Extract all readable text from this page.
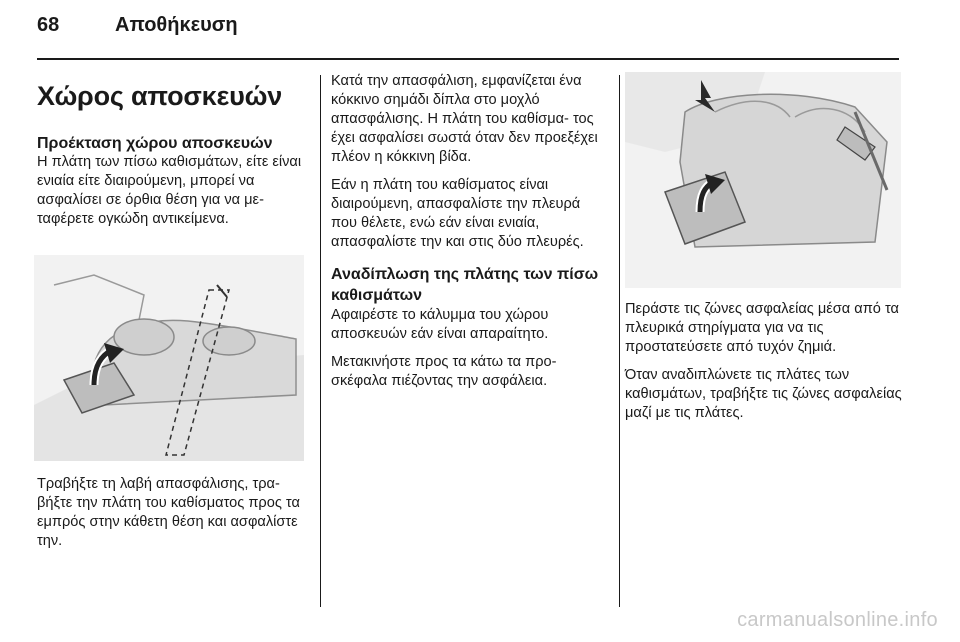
68	Αποθήκευση
Χώρος αποσκευών
Προέκταση χώρου αποσκευών

Η πλάτη των πίσω καθισμάτων, είτε είναι ενιαία είτε διαιρούμενη, μπορεί να ασφαλίσει σε όρθια θέση για να με- ταφέρετε ογκώδη αντικείμενα.

Τραβήξτε τη λαβή απασφάλισης, τρα- βήξτε την πλάτη του καθίσματος προς τα εμπρός στην κάθετη θέση και ασφαλίστε την.

Κατά την απασφάλιση, εμφανίζεται ένα κόκκινο σημάδι δίπλα στο μοχλό απασφάλισης. Η πλάτη του καθίσμα- τος έχει ασφαλίσει σωστά όταν δεν προεξέχει πλέον η κόκκινη βίδα.

Εάν η πλάτη του καθίσματος είναι διαιρούμενη, απασφαλίστε την πλευρά που θέλετε, ενώ εάν είναι ενιαία, απασφαλίστε την και στις δύο πλευρές.

Αναδίπλωση της πλάτης των πίσω καθισμάτων

Αφαιρέστε το κάλυμμα του χώρου αποσκευών εάν είναι απαραίτητο.

Μετακινήστε προς τα κάτω τα προ- σκέφαλα πιέζοντας την ασφάλεια.

Περάστε τις ζώνες ασφαλείας μέσα από τα πλευρικά στηρίγματα για να τις προστατεύσετε από τυχόν ζημιά.

Όταν αναδιπλώνετε τις πλάτες των καθισμάτων, τραβήξτε τις ζώνες ασφαλείας μαζί με τις πλάτες.

carmanualsonline.info
